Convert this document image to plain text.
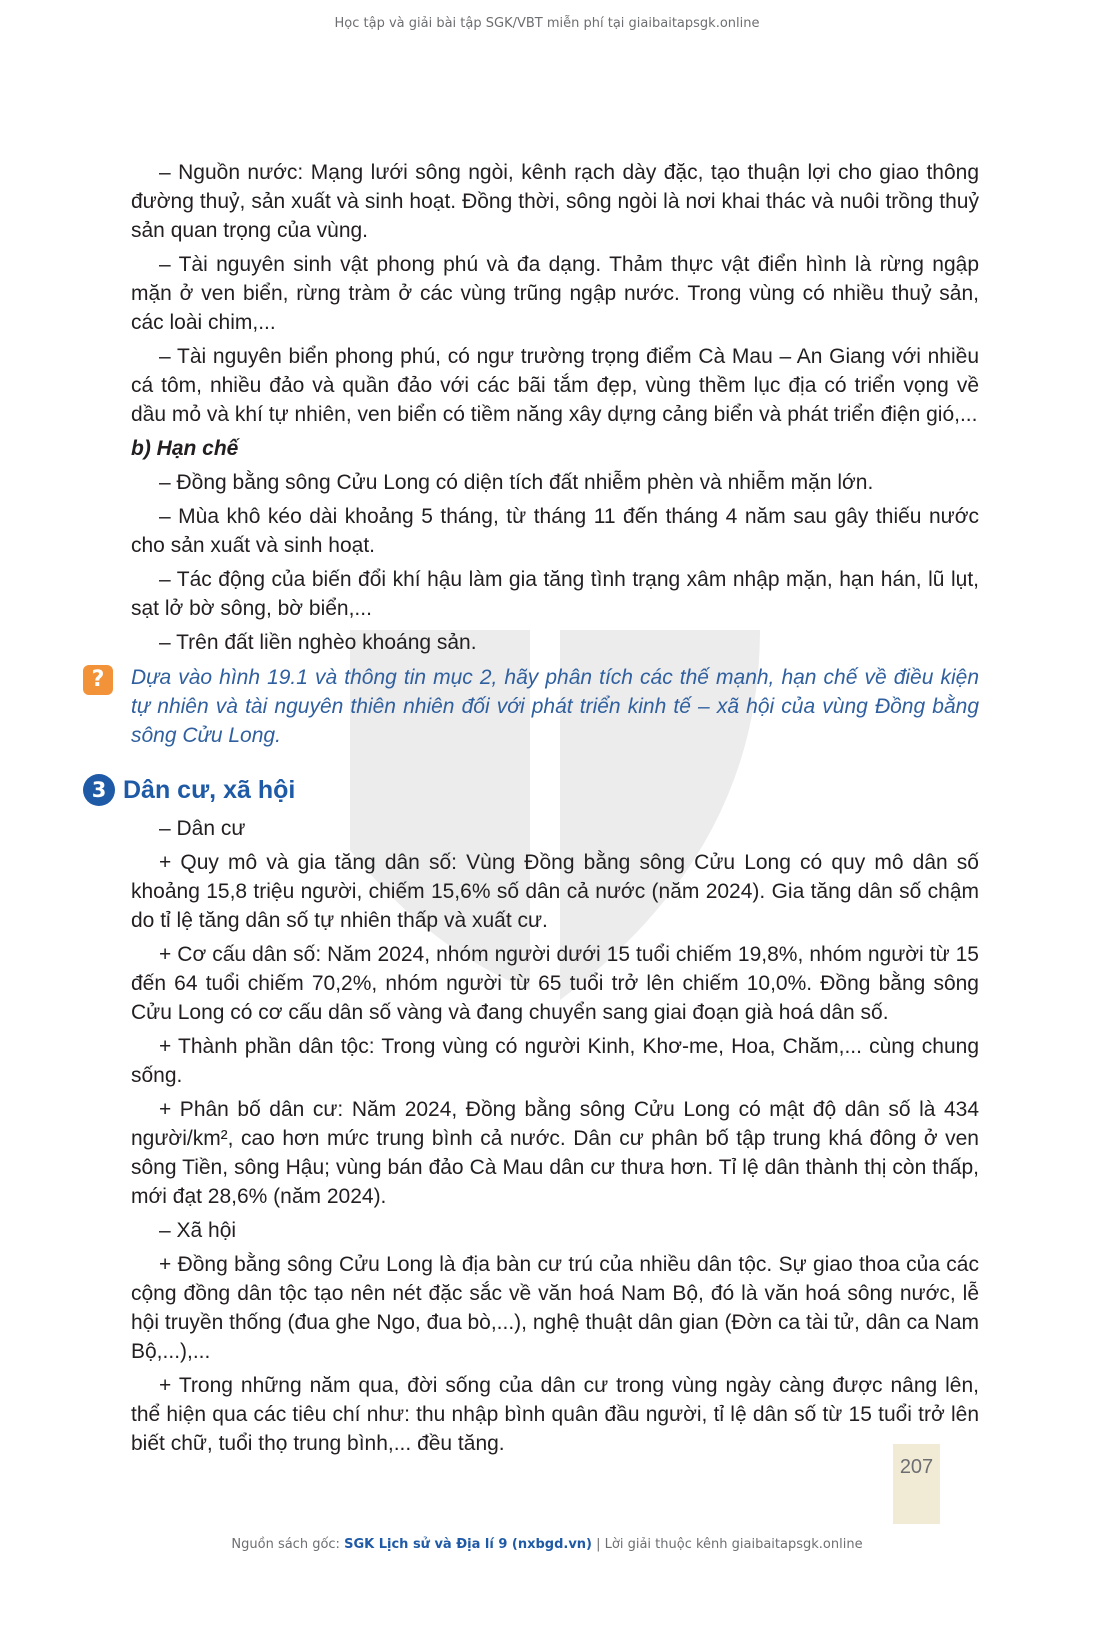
Học tập và giải bài tập SGK/VBT miễn phí tại giaibaitapsgk.online

– Nguồn nước: Mạng lưới sông ngòi, kênh rạch dày đặc, tạo thuận lợi cho giao thông đường thuỷ, sản xuất và sinh hoạt. Đồng thời, sông ngòi là nơi khai thác và nuôi trồng thuỷ sản quan trọng của vùng.

– Tài nguyên sinh vật phong phú và đa dạng. Thảm thực vật điển hình là rừng ngập mặn ở ven biển, rừng tràm ở các vùng trũng ngập nước. Trong vùng có nhiều thuỷ sản, các loài chim,...

– Tài nguyên biển phong phú, có ngư trường trọng điểm Cà Mau – An Giang với nhiều cá tôm, nhiều đảo và quần đảo với các bãi tắm đẹp, vùng thềm lục địa có triển vọng về dầu mỏ và khí tự nhiên, ven biển có tiềm năng xây dựng cảng biển và phát triển điện gió,...

b) Hạn chế

– Đồng bằng sông Cửu Long có diện tích đất nhiễm phèn và nhiễm mặn lớn.

– Mùa khô kéo dài khoảng 5 tháng, từ tháng 11 đến tháng 4 năm sau gây thiếu nước cho sản xuất và sinh hoạt.

– Tác động của biến đổi khí hậu làm gia tăng tình trạng xâm nhập mặn, hạn hán, lũ lụt, sạt lở bờ sông, bờ biển,...

– Trên đất liền nghèo khoáng sản.

?	Dựa vào hình 19.1 và thông tin mục 2, hãy phân tích các thế mạnh, hạn chế về điều kiện tự nhiên và tài nguyên thiên nhiên đối với phát triển kinh tế – xã hội của vùng Đồng bằng sông Cửu Long.

3 Dân cư, xã hội

– Dân cư

+ Quy mô và gia tăng dân số: Vùng Đồng bằng sông Cửu Long có quy mô dân số khoảng 15,8 triệu người, chiếm 15,6% số dân cả nước (năm 2024). Gia tăng dân số chậm do tỉ lệ tăng dân số tự nhiên thấp và xuất cư.

+ Cơ cấu dân số: Năm 2024, nhóm người dưới 15 tuổi chiếm 19,8%, nhóm người từ 15 đến 64 tuổi chiếm 70,2%, nhóm người từ 65 tuổi trở lên chiếm 10,0%. Đồng bằng sông Cửu Long có cơ cấu dân số vàng và đang chuyển sang giai đoạn già hoá dân số.

+ Thành phần dân tộc: Trong vùng có người Kinh, Khơ-me, Hoa, Chăm,... cùng chung sống.

+ Phân bố dân cư: Năm 2024, Đồng bằng sông Cửu Long có mật độ dân số là 434 người/km², cao hơn mức trung bình cả nước. Dân cư phân bố tập trung khá đông ở ven sông Tiền, sông Hậu; vùng bán đảo Cà Mau dân cư thưa hơn. Tỉ lệ dân thành thị còn thấp, mới đạt 28,6% (năm 2024).

– Xã hội

+ Đồng bằng sông Cửu Long là địa bàn cư trú của nhiều dân tộc. Sự giao thoa của các cộng đồng dân tộc tạo nên nét đặc sắc về văn hoá Nam Bộ, đó là văn hoá sông nước, lễ hội truyền thống (đua ghe Ngo, đua bò,...), nghệ thuật dân gian (Đờn ca tài tử, dân ca Nam Bộ,...),...

+ Trong những năm qua, đời sống của dân cư trong vùng ngày càng được nâng lên, thể hiện qua các tiêu chí như: thu nhập bình quân đầu người, tỉ lệ dân số từ 15 tuổi trở lên biết chữ, tuổi thọ trung bình,... đều tăng.

207
Nguồn sách gốc: SGK Lịch sử và Địa lí 9 (nxbgd.vn) | Lời giải thuộc kênh giaibaitapsgk.online
